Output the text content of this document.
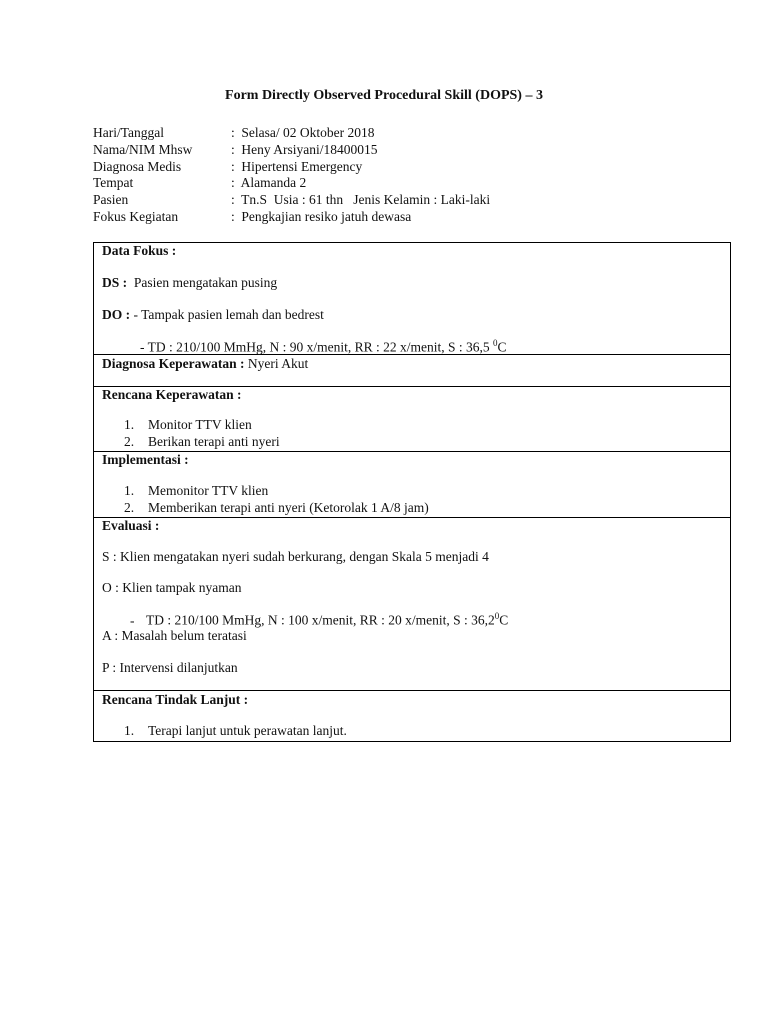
Form Directly Observed Procedural Skill (DOPS) – 3
Hari/Tanggal	: Selasa/ 02 Oktober 2018
Nama/NIM Mhsw	: Heny Arsiyani/18400015
Diagnosa Medis	: Hipertensi Emergency
Tempat	: Alamanda 2
Pasien	: Tn.S  Usia : 61 thn   Jenis Kelamin : Laki-laki
Fokus Kegiatan	: Pengkajian resiko jatuh dewasa
Data Fokus :
DS : Pasien mengatakan pusing
DO : - Tampak pasien lemah dan bedrest
- TD : 210/100 MmHg, N : 90 x/menit, RR : 22 x/menit, S : 36,5 $^0$C
Diagnosa Keperawatan : Nyeri Akut
Rencana Keperawatan :
1. Monitor TTV klien
2. Berikan terapi anti nyeri
Implementasi :
1. Memonitor TTV klien
2. Memberikan terapi anti nyeri (Ketorolak 1 A/8 jam)
Evaluasi :
S : Klien mengatakan nyeri sudah berkurang, dengan Skala 5 menjadi 4
O : Klien tampak nyaman
- TD : 210/100 MmHg, N : 100 x/menit, RR : 20 x/menit, S : 36,2$^0$C
A : Masalah belum teratasi
P : Intervensi dilanjutkan
Rencana Tindak Lanjut :
1. Terapi lanjut untuk perawatan lanjut.
